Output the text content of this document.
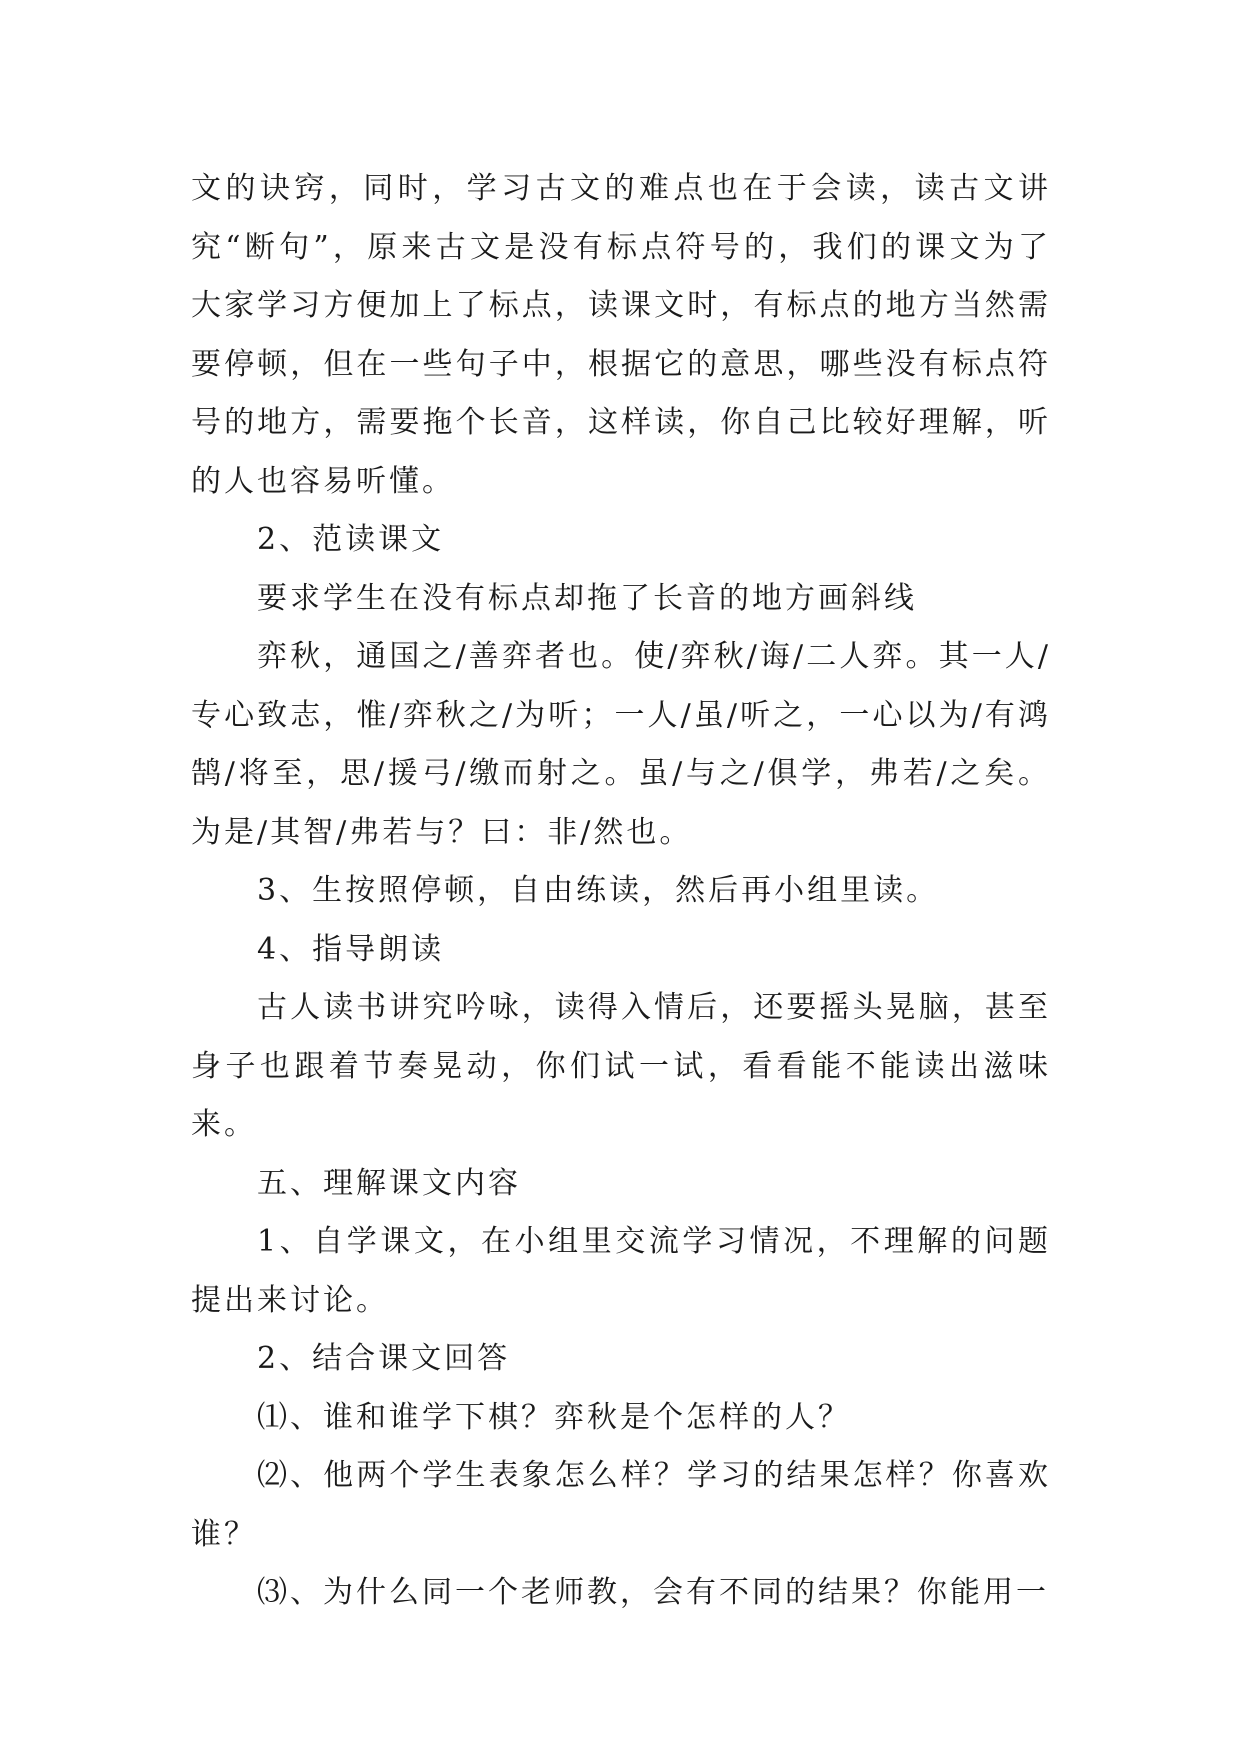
文的诀窍，同时，学习古文的难点也在于会读，读古文讲究“断句”，原来古文是没有标点符号的，我们的课文为了大家学习方便加上了标点，读课文时，有标点的地方当然需要停顿，但在一些句子中，根据它的意思，哪些没有标点符号的地方，需要拖个长音，这样读，你自己比较好理解，听的人也容易听懂。

2、范读课文

要求学生在没有标点却拖了长音的地方画斜线

弈秋，通国之/善弈者也。使/弈秋/诲/二人弈。其一人/专心致志，惟/弈秋之/为听；一人/虽/听之，一心以为/有鸿鹄/将至，思/援弓/缴而射之。虽/与之/俱学，弗若/之矣。为是/其智/弗若与？曰：非/然也。

3、生按照停顿，自由练读，然后再小组里读。

4、指导朗读

古人读书讲究吟咏，读得入情后，还要摇头晃脑，甚至身子也跟着节奏晃动，你们试一试，看看能不能读出滋味来。

五、理解课文内容

1、自学课文，在小组里交流学习情况，不理解的问题提出来讨论。

2、结合课文回答

⑴、谁和谁学下棋？弈秋是个怎样的人？

⑵、他两个学生表象怎么样？学习的结果怎样？你喜欢谁？

⑶、为什么同一个老师教，会有不同的结果？你能用一
